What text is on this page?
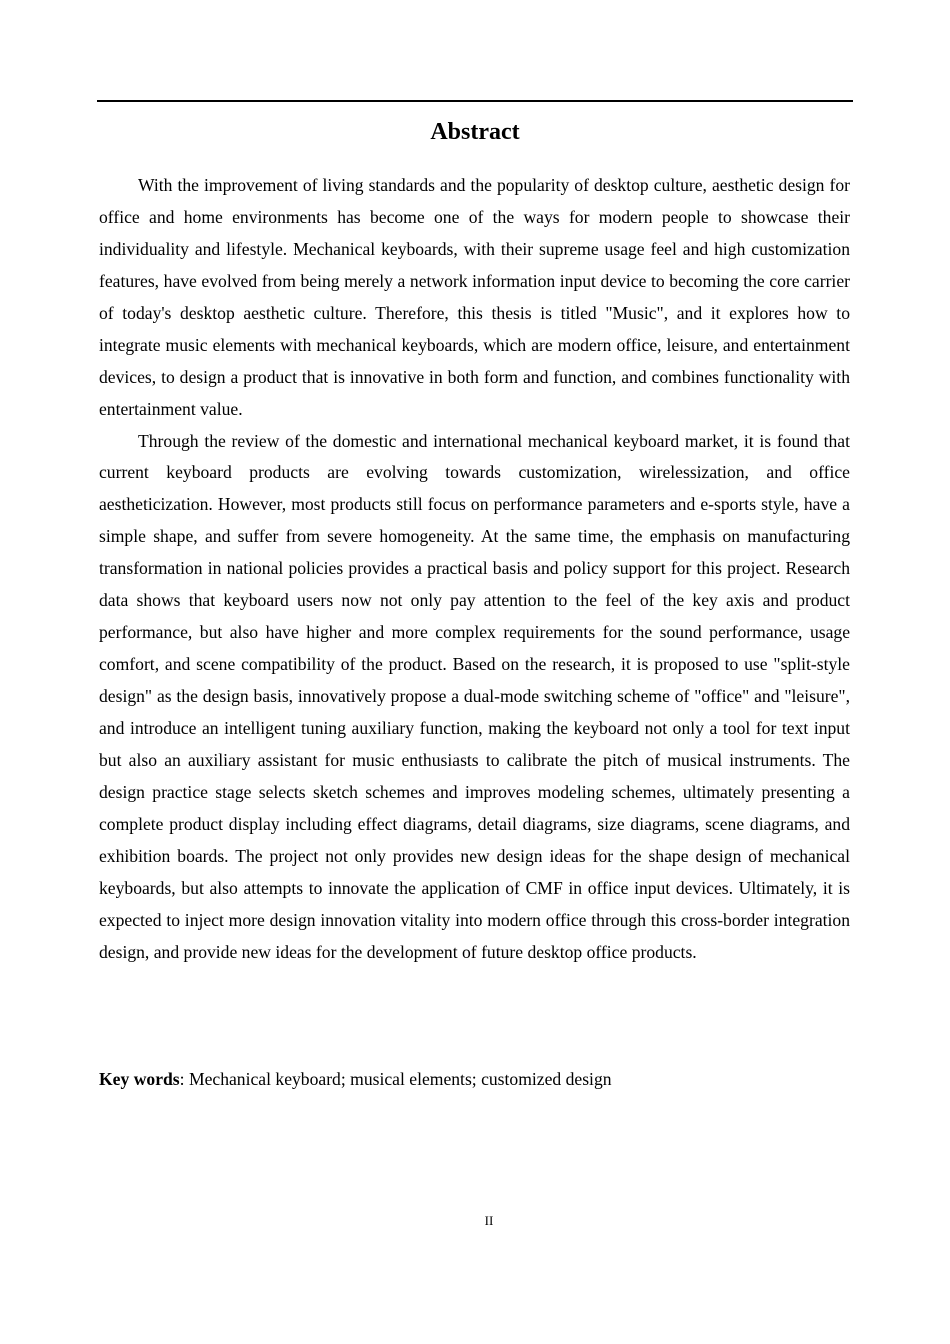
Abstract

With the improvement of living standards and the popularity of desktop culture, aesthetic design for office and home environments has become one of the ways for modern people to showcase their individuality and lifestyle. Mechanical keyboards, with their supreme usage feel and high customization features, have evolved from being merely a network information input device to becoming the core carrier of today's desktop aesthetic culture. Therefore, this thesis is titled "Music", and it explores how to integrate music elements with mechanical keyboards, which are modern office, leisure, and entertainment devices, to design a product that is innovative in both form and function, and combines functionality with entertainment value.

Through the review of the domestic and international mechanical keyboard market, it is found that current keyboard products are evolving towards customization, wirelessization, and office aestheticization. However, most products still focus on performance parameters and e-sports style, have a simple shape, and suffer from severe homogeneity. At the same time, the emphasis on manufacturing transformation in national policies provides a practical basis and policy support for this project. Research data shows that keyboard users now not only pay attention to the feel of the key axis and product performance, but also have higher and more complex requirements for the sound performance, usage comfort, and scene compatibility of the product. Based on the research, it is proposed to use "split-style design" as the design basis, innovatively propose a dual-mode switching scheme of "office" and "leisure", and introduce an intelligent tuning auxiliary function, making the keyboard not only a tool for text input but also an auxiliary assistant for music enthusiasts to calibrate the pitch of musical instruments. The design practice stage selects sketch schemes and improves modeling schemes, ultimately presenting a complete product display including effect diagrams, detail diagrams, size diagrams, scene diagrams, and exhibition boards. The project not only provides new design ideas for the shape design of mechanical keyboards, but also attempts to innovate the application of CMF in office input devices. Ultimately, it is expected to inject more design innovation vitality into modern office through this cross-border integration design, and provide new ideas for the development of future desktop office products.

Key words: Mechanical keyboard; musical elements; customized design

II
